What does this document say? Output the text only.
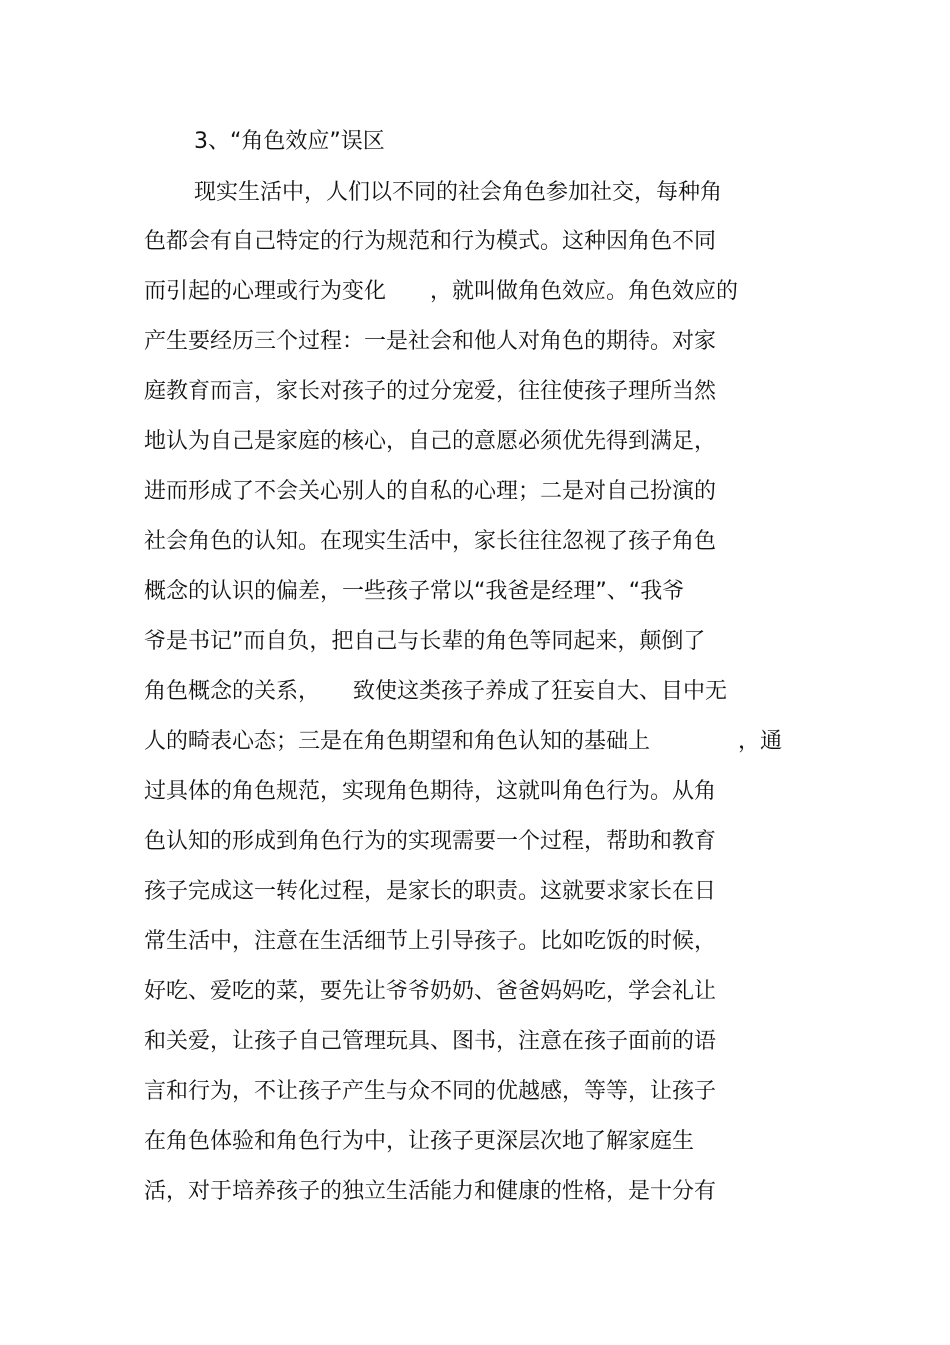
3、“角色效应”误区
现实生活中，人们以不同的社会角色参加社交，每种角
色都会有自己特定的行为规范和行为模式。这种因角色不同
而引起的心理或行为变化　　，就叫做角色效应。角色效应的
产生要经历三个过程：一是社会和他人对角色的期待。对家
庭教育而言，家长对孩子的过分宠爱，往往使孩子理所当然
地认为自己是家庭的核心，自己的意愿必须优先得到满足，
进而形成了不会关心别人的自私的心理；二是对自己扮演的
社会角色的认知。在现实生活中，家长往往忽视了孩子角色
概念的认识的偏差，一些孩子常以“我爸是经理”、“我爷
爷是书记”而自负，把自己与长辈的角色等同起来，颠倒了
角色概念的关系，　　致使这类孩子养成了狂妄自大、目中无
人的畸表心态；三是在角色期望和角色认知的基础上　　　　，通
过具体的角色规范，实现角色期待，这就叫角色行为。从角
色认知的形成到角色行为的实现需要一个过程，帮助和教育
孩子完成这一转化过程，是家长的职责。这就要求家长在日
常生活中，注意在生活细节上引导孩子。比如吃饭的时候，
好吃、爱吃的菜，要先让爷爷奶奶、爸爸妈妈吃，学会礼让
和关爱，让孩子自己管理玩具、图书，注意在孩子面前的语
言和行为，不让孩子产生与众不同的优越感，等等，让孩子
在角色体验和角色行为中，让孩子更深层次地了解家庭生
活，对于培养孩子的独立生活能力和健康的性格，是十分有
